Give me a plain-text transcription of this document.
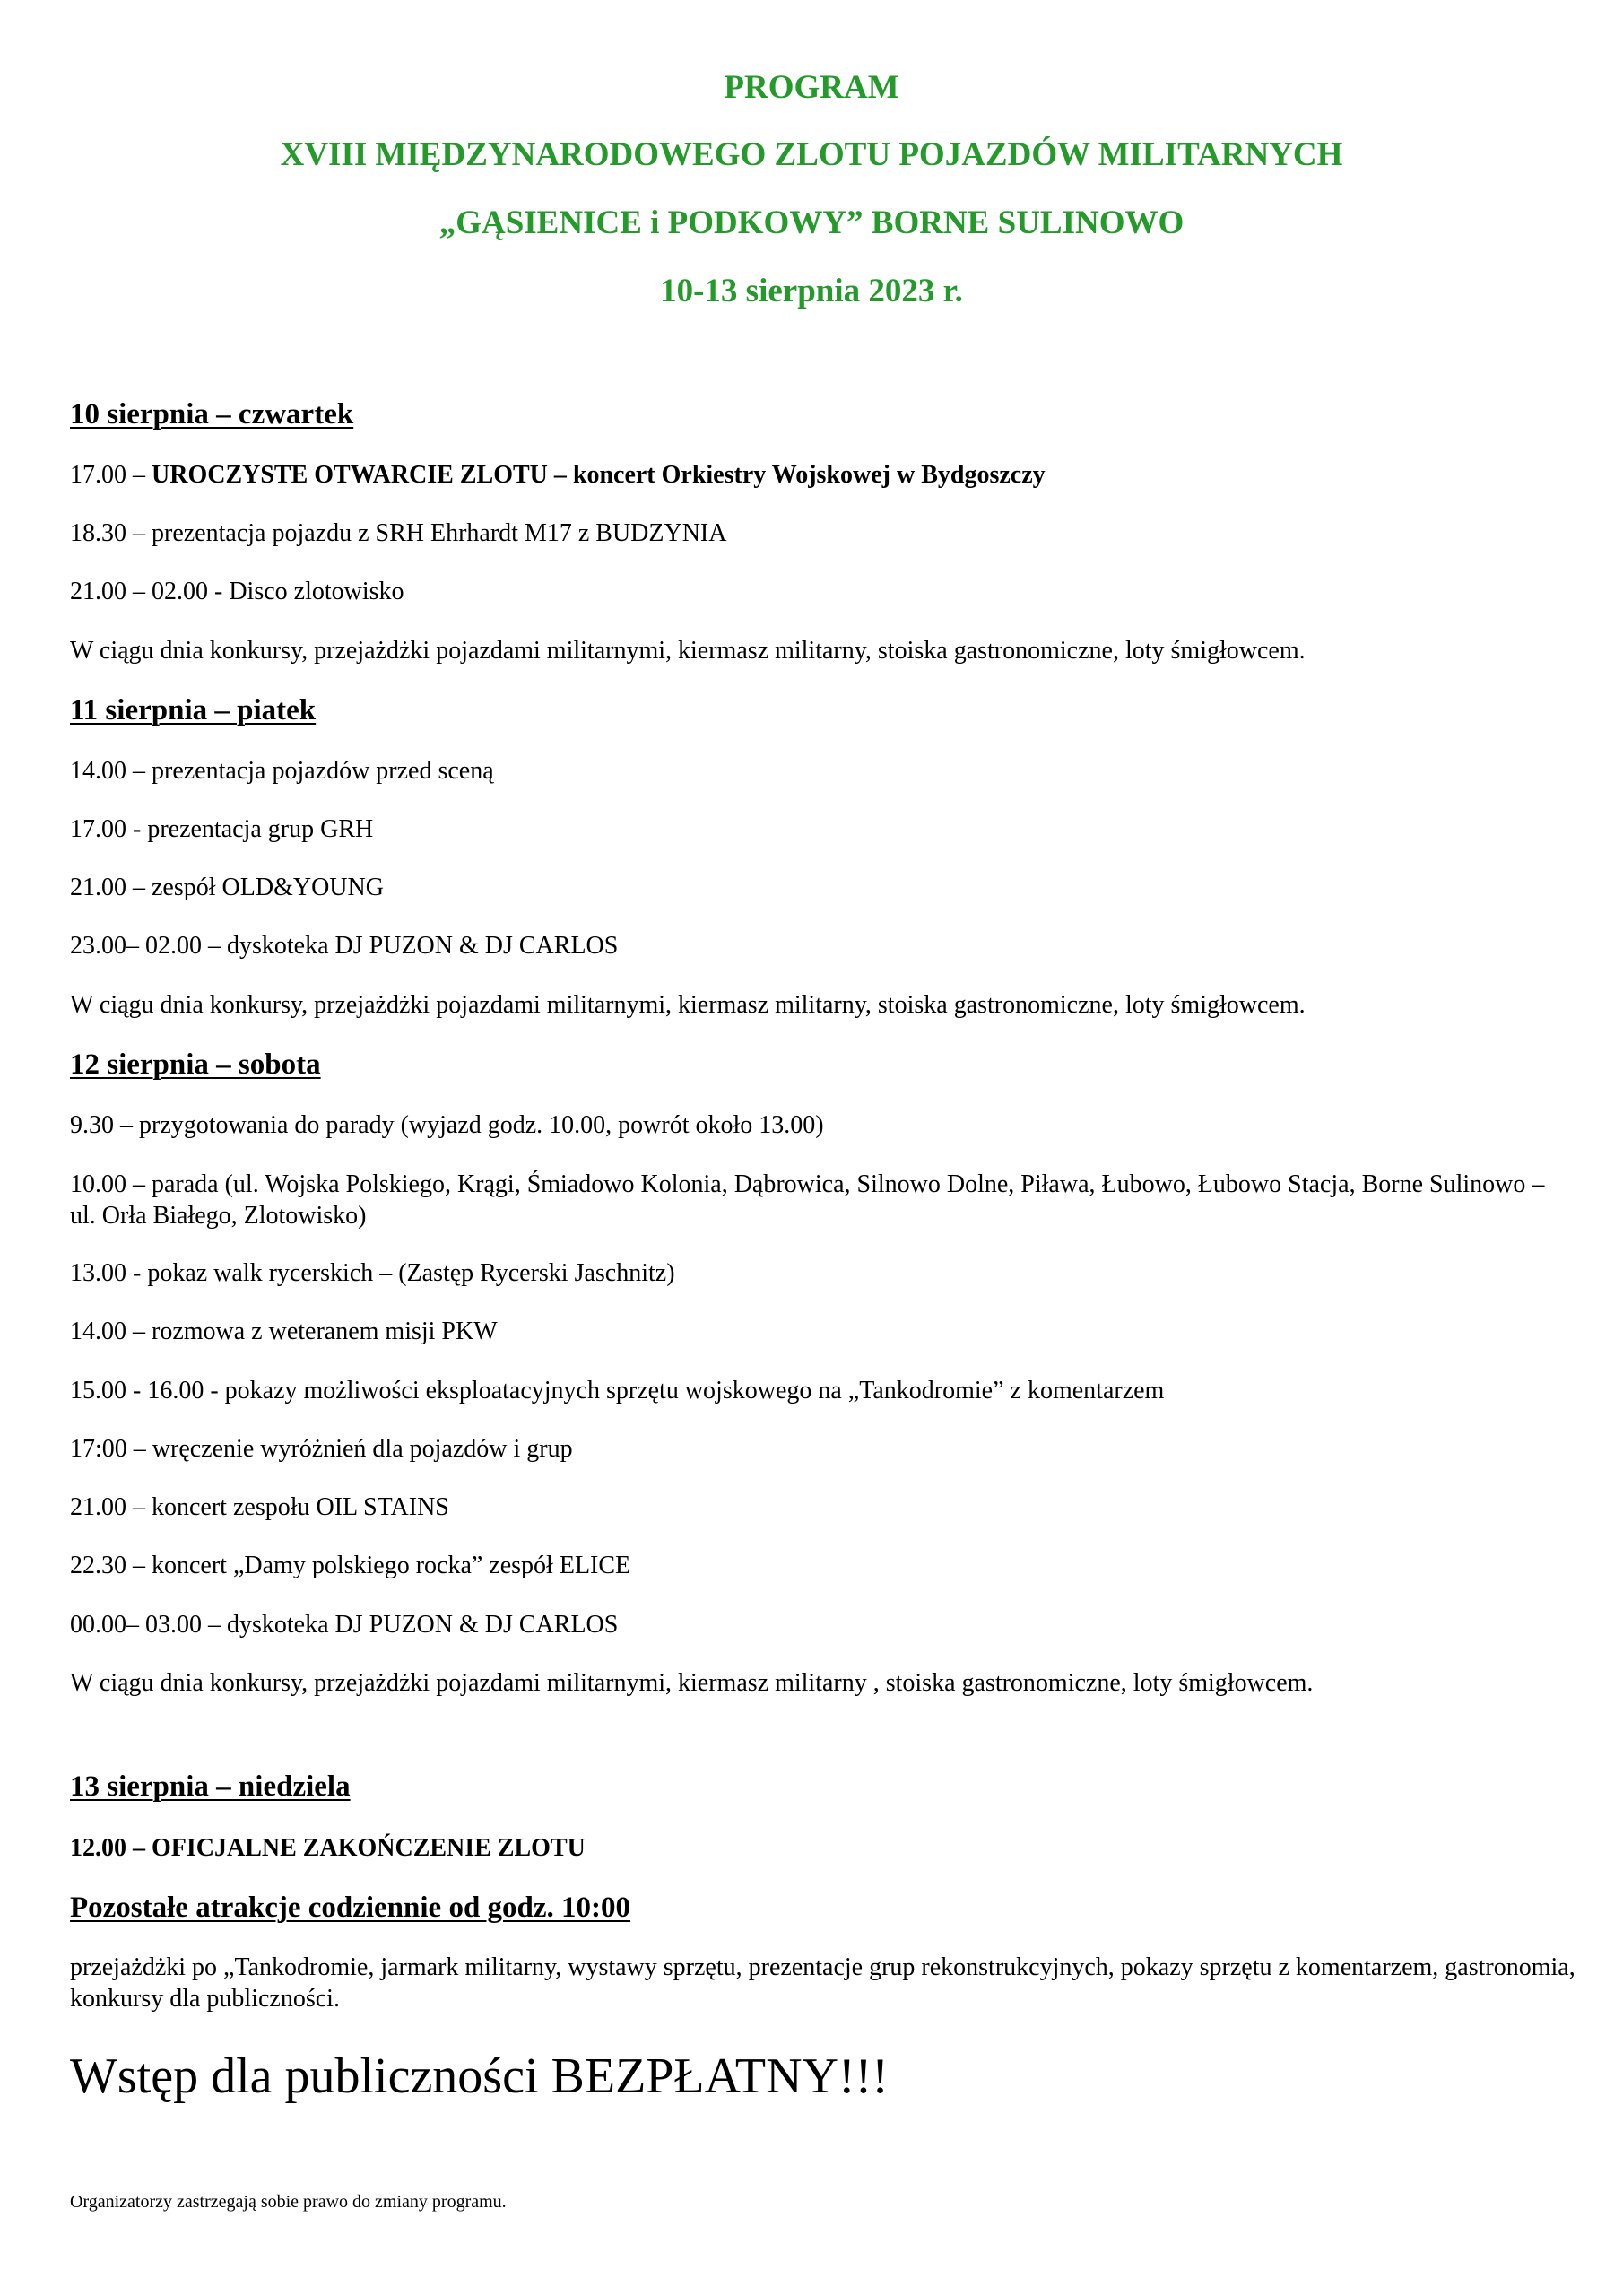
PROGRAM
XVIII MIĘDZYNARODOWEGO ZLOTU POJAZDÓW MILITARNYCH
„GĄSIENICE i PODKOWY” BORNE SULINOWO
10-13 sierpnia 2023 r.
10 sierpnia – czwartek
17.00 – UROCZYSTE OTWARCIE ZLOTU – koncert Orkiestry Wojskowej w Bydgoszczy
18.30 – prezentacja pojazdu z SRH Ehrhardt M17 z BUDZYNIA
21.00 – 02.00 - Disco zlotowisko
W ciągu dnia konkursy, przejażdżki pojazdami militarnymi, kiermasz militarny, stoiska gastronomiczne, loty śmigłowcem.
11 sierpnia – piatek
14.00 – prezentacja pojazdów przed sceną
17.00 - prezentacja grup GRH
21.00 – zespół OLD&YOUNG
23.00– 02.00 – dyskoteka DJ PUZON & DJ CARLOS
W ciągu dnia konkursy, przejażdżki pojazdami militarnymi, kiermasz militarny, stoiska gastronomiczne, loty śmigłowcem.
12 sierpnia – sobota
9.30 – przygotowania do parady (wyjazd godz. 10.00, powrót około 13.00)
10.00 – parada (ul. Wojska Polskiego, Krągi, Śmiadowo Kolonia, Dąbrowica, Silnowo Dolne, Piława, Łubowo, Łubowo Stacja, Borne Sulinowo – ul. Orła Białego, Zlotowisko)
13.00 - pokaz walk rycerskich – (Zastęp Rycerski Jaschnitz)
14.00 – rozmowa z weteranem misji PKW
15.00 - 16.00 - pokazy możliwości eksploatacyjnych sprzętu wojskowego na „Tankodromie” z komentarzem
17:00 – wręczenie wyróżnień dla pojazdów i grup
21.00 – koncert zespołu OIL STAINS
22.30 – koncert „Damy polskiego rocka” zespół ELICE
00.00– 03.00 – dyskoteka DJ PUZON & DJ CARLOS
W ciągu dnia konkursy, przejażdżki pojazdami militarnymi, kiermasz militarny , stoiska gastronomiczne, loty śmigłowcem.
13 sierpnia – niedziela
12.00 – OFICJALNE ZAKOŃCZENIE ZLOTU
Pozostałe atrakcje codziennie od godz. 10:00
przejażdżki po „Tankodromie, jarmark militarny, wystawy sprzętu, prezentacje grup rekonstrukcyjnych, pokazy sprzętu z komentarzem, gastronomia, konkursy dla publiczności.
Wstęp dla publiczności BEZPŁATNY!!!
Organizatorzy zastrzegają sobie prawo do zmiany programu.
